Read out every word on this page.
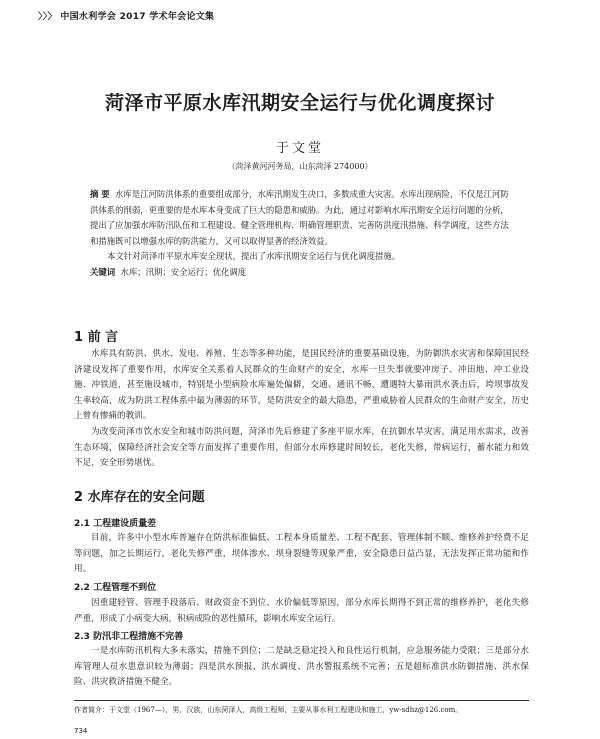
〉〉〉 中国水利学会 2017 学术年会论文集
菏泽市平原水库汛期安全运行与优化调度探讨
于文堂
（菏泽黄河河务局，山东菏泽 274000）

摘 要 水库是江河防洪体系的重要组成部分，水库汛期发生决口，多数成重大灾害。水库出现病险，不仅是江河防洪体系的削弱，更重要的是水库本身变成了巨大的隐患和威胁。为此，通过对影响水库汛期安全运行问题的分析，提出了应加强水库防汛队伍和工程建设、健全管理机构、明确管理职责、完善防洪度汛措施、科学调度，这些方法和措施既可以增强水库的防洪能力，又可以取得显著的经济效益。

本文针对菏泽市平原水库安全现状，提出了水库汛期安全运行与优化调度措施。

关键词 水库；汛期；安全运行；优化调度

1 前 言

水库具有防洪、供水、发电、养殖、生态等多种功能，是国民经济的重要基础设施，为防御洪水灾害和保障国民经济建设发挥了重要作用，水库安全关系着人民群众的生命财产的安全，水库一旦失事就要冲房子、冲田地、冲工业设施、冲铁道，甚至施设城市，特别是小型病险水库遍处偏僻，交通、通讯不畅，遭遇特大暴雨洪水袭击后，垮坝事故发生率较高，成为防洪工程体系中最为薄弱的环节，是防洪安全的最大隐患，严重威胁着人民群众的生命财产安全，历史上曾有惨痛的教训。

为改变菏泽市饮水安全和城市防洪问题，菏泽市先后修建了多座平原水库，在抗御水旱灾害，满足用水需求，改善生态环境，保障经济社会安全等方面发挥了重要作用，但部分水库修建时间较长，老化失修，带病运行，蓄水能力和效不足，安全形势堪忧。

2 水库存在的安全问题
2.1 工程建设质量差

目前，许多中小型水库普遍存在防洪标准偏低、工程本身质量差、工程不配套、管理体制不顺、维修养护经费不足等问题，加之长期运行，老化失修严重，坝体渗水、坝身裂缝等现象严重，安全隐患日益凸显，无法发挥正常功能和作用。

2.2 工程管理不到位

因重建轻管、管理手段落后、财政资金不到位、水价偏低等原因，部分水库长期得不到正常的维修养护，老化失修严重，形成了小病变大病，积病成险的恶性循环，影响水库安全运行。

2.3 防汛非工程措施不完善

一是水库防汛机构大多未落实，措施不到位；二是缺乏稳定投入和良性运行机制，应急服务能力受限；三是部分水库管理人员水患意识较为薄弱；四是洪水预报、洪水调度、洪水警报系统不完善；五是超标准洪水防御措施、洪水保险、洪灾救济措施不健全。

作者简介：于文堂（1967—），男，汉族，山东菏泽人，高级工程师，主要从事水利工程建设和施工，yw-sdhz@126.com。
734
